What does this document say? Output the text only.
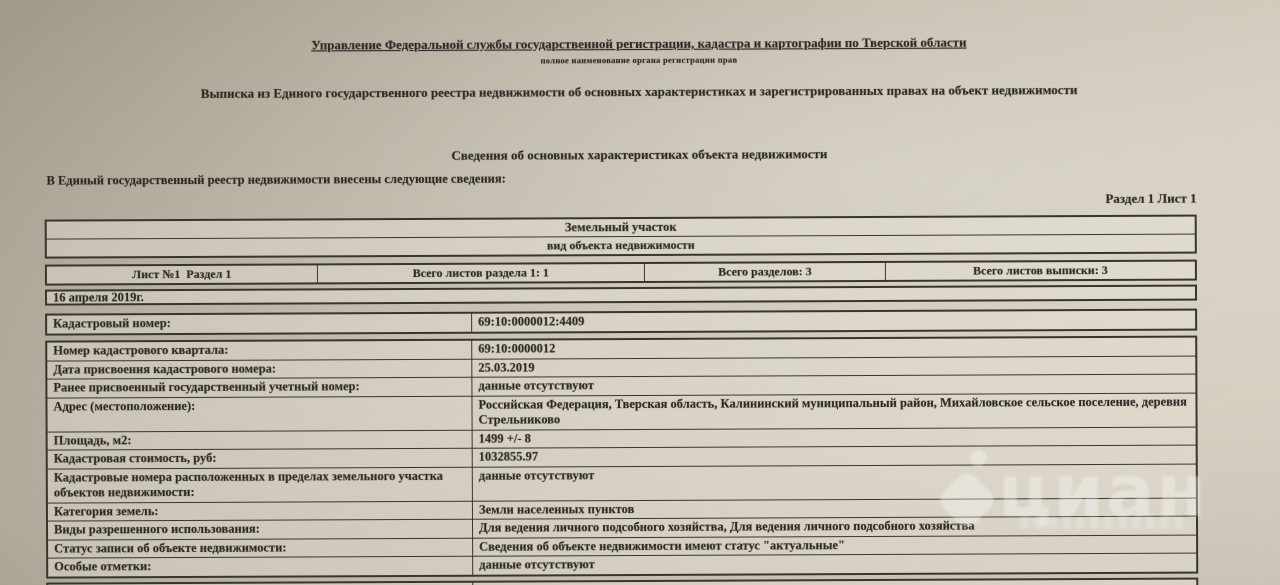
Управление Федеральной службы государственной регистрации, кадастра и картографии по Тверской области
полное наименование органа регистрации прав
Выписка из Единого государственного реестра недвижимости об основных характеристиках и зарегистрированных правах на объект недвижимости
Сведения об основных характеристиках объекта недвижимости
В Единый государственный реестр недвижимости внесены следующие сведения:
Раздел 1 Лист 1
Земельный участок
вид объекта недвижимости
Лист №1  Раздел 1	Всего листов раздела 1: 1	Всего разделов: 3	Всего листов выписки: 3
16 апреля 2019г.
Кадастровый номер:	69:10:0000012:4409
Номер кадастрового квартала:	69:10:0000012
Дата присвоения кадастрового номера:	25.03.2019
Ранее присвоенный государственный учетный номер:	данные отсутствуют
Адрес (местоположение):	Российская Федерация, Тверская область, Калининский муниципальный район, Михайловское сельское поселение, деревня Стрельниково
Площадь, м2:	1499 +/- 8
Кадастровая стоимость, руб:	1032855.97
Кадастровые номера расположенных в пределах земельного участка объектов недвижимости:
данные отсутствуют
Категория земель:	Земли населенных пунктов
Виды разрешенного использования:	Для ведения личного подсобного хозяйства, Для ведения личного подсобного хозяйства
Статус записи об объекте недвижимости:	Сведения об объекте недвижимости имеют статус "актуальные"
Особые отметки:	данные отсутствуют
циан
